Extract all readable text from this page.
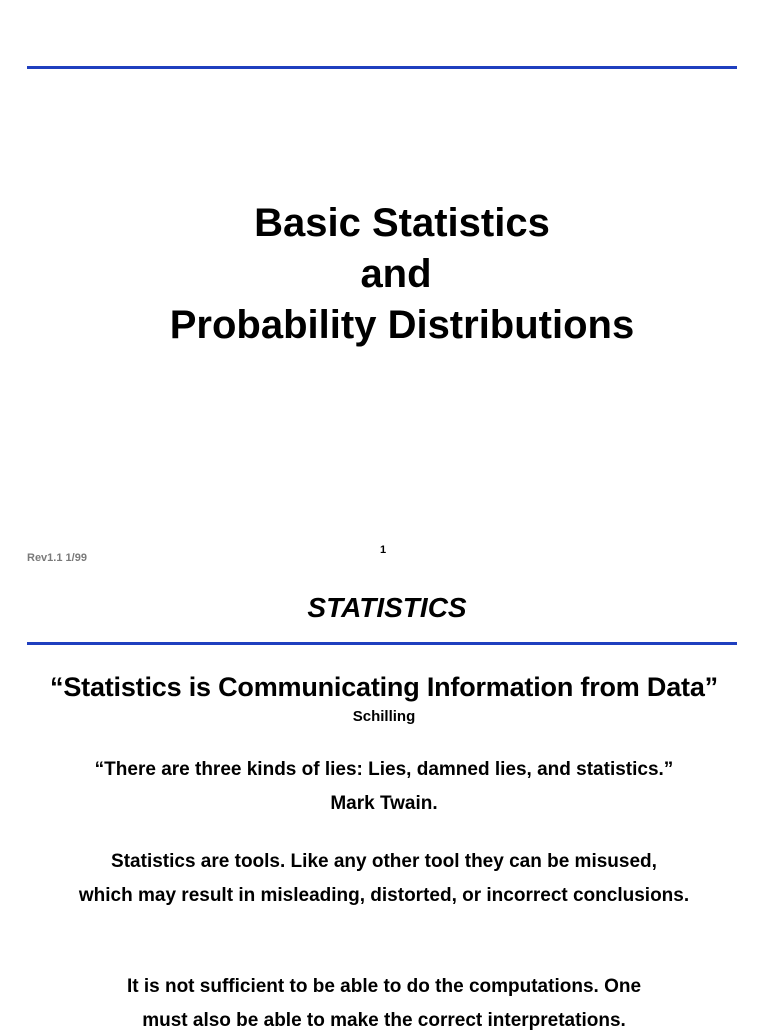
Basic Statistics
and
Probability Distributions
Rev1.1 1/99
1
STATISTICS
“Statistics is Communicating Information from Data”
Schilling
“There are three kinds of lies: Lies, damned lies, and statistics.”
Mark Twain.
Statistics are tools. Like any other tool they can be misused,
which may result in misleading, distorted, or incorrect conclusions.
It is not sufficient to be able to do the computations. One
must also be able to make the correct interpretations.
